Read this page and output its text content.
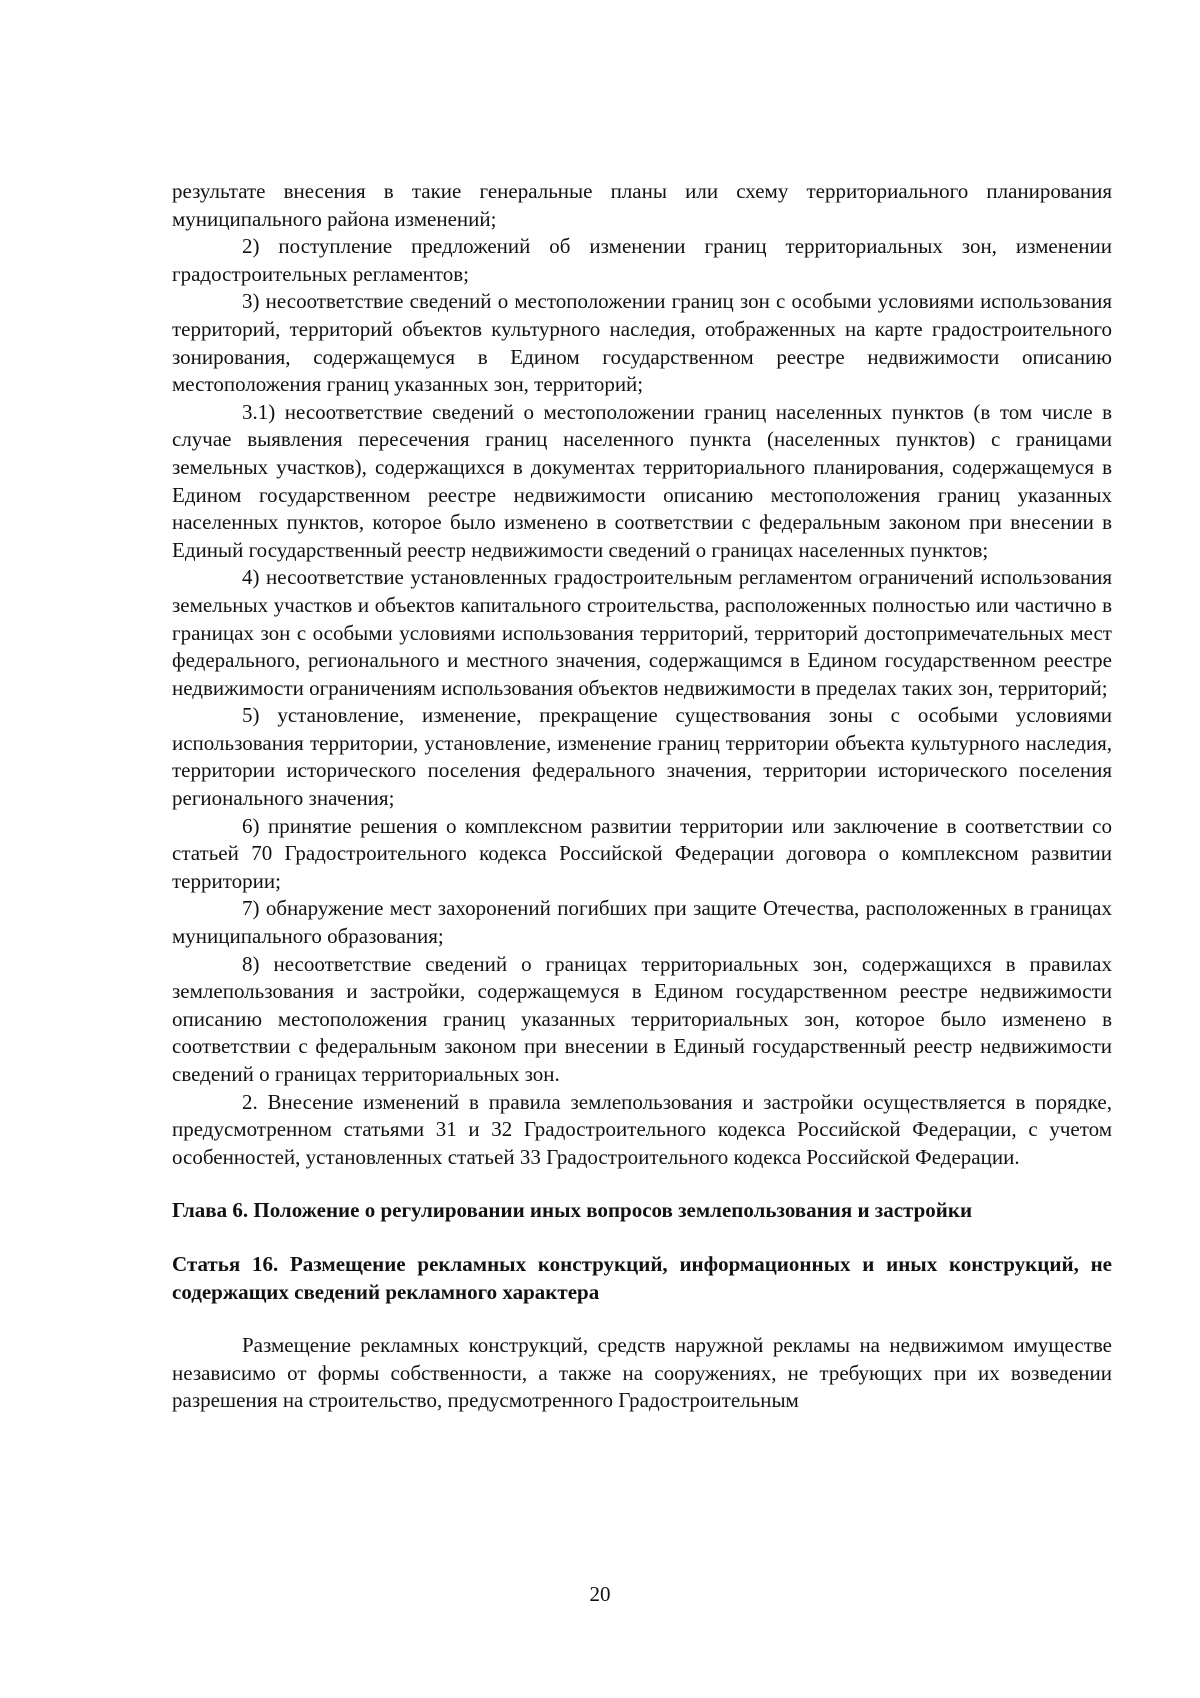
результате внесения в такие генеральные планы или схему территориального планирования муниципального района изменений;

2) поступление предложений об изменении границ территориальных зон, изменении градостроительных регламентов;

3) несоответствие сведений о местоположении границ зон с особыми условиями использования территорий, территорий объектов культурного наследия, отображенных на карте градостроительного зонирования, содержащемуся в Едином государственном реестре недвижимости описанию местоположения границ указанных зон, территорий;

3.1) несоответствие сведений о местоположении границ населенных пунктов (в том числе в случае выявления пересечения границ населенного пункта (населенных пунктов) с границами земельных участков), содержащихся в документах территориального планирования, содержащемуся в Едином государственном реестре недвижимости описанию местоположения границ указанных населенных пунктов, которое было изменено в соответствии с федеральным законом при внесении в Единый государственный реестр недвижимости сведений о границах населенных пунктов;

4) несоответствие установленных градостроительным регламентом ограничений использования земельных участков и объектов капитального строительства, расположенных полностью или частично в границах зон с особыми условиями использования территорий, территорий достопримечательных мест федерального, регионального и местного значения, содержащимся в Едином государственном реестре недвижимости ограничениям использования объектов недвижимости в пределах таких зон, территорий;

5) установление, изменение, прекращение существования зоны с особыми условиями использования территории, установление, изменение границ территории объекта культурного наследия, территории исторического поселения федерального значения, территории исторического поселения регионального значения;

6) принятие решения о комплексном развитии территории или заключение в соответствии со статьей 70 Градостроительного кодекса Российской Федерации договора о комплексном развитии территории;

7) обнаружение мест захоронений погибших при защите Отечества, расположенных в границах муниципального образования;

8) несоответствие сведений о границах территориальных зон, содержащихся в правилах землепользования и застройки, содержащемуся в Едином государственном реестре недвижимости описанию местоположения границ указанных территориальных зон, которое было изменено в соответствии с федеральным законом при внесении в Единый государственный реестр недвижимости сведений о границах территориальных зон.

2. Внесение изменений в правила землепользования и застройки осуществляется в порядке, предусмотренном статьями 31 и 32 Градостроительного кодекса Российской Федерации, с учетом особенностей, установленных статьей 33 Градостроительного кодекса Российской Федерации.

Глава 6. Положение о регулировании иных вопросов землепользования и застройки

Статья 16. Размещение рекламных конструкций, информационных и иных конструкций, не содержащих сведений рекламного характера

Размещение рекламных конструкций, средств наружной рекламы на недвижимом имуществе независимо от формы собственности, а также на сооружениях, не требующих при их возведении разрешения на строительство, предусмотренного Градостроительным

20
